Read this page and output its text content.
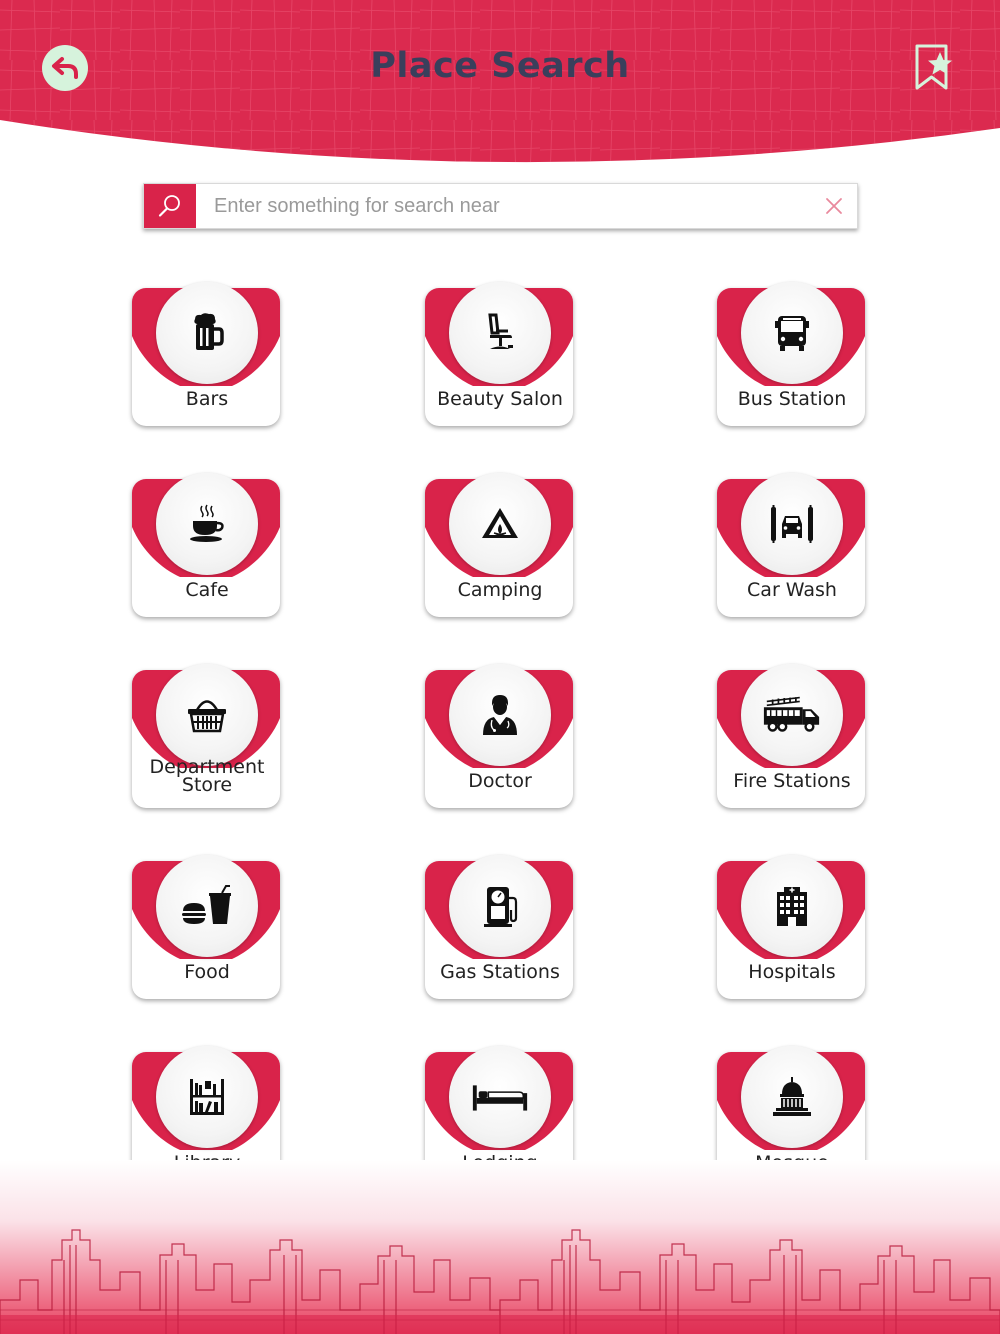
Place Search
Enter something for search near
Bars	Beauty Salon	Bus Station
Cafe	Camping	Car Wash
Department Store	Doctor	Fire Stations
Food	Gas Stations	Hospitals
